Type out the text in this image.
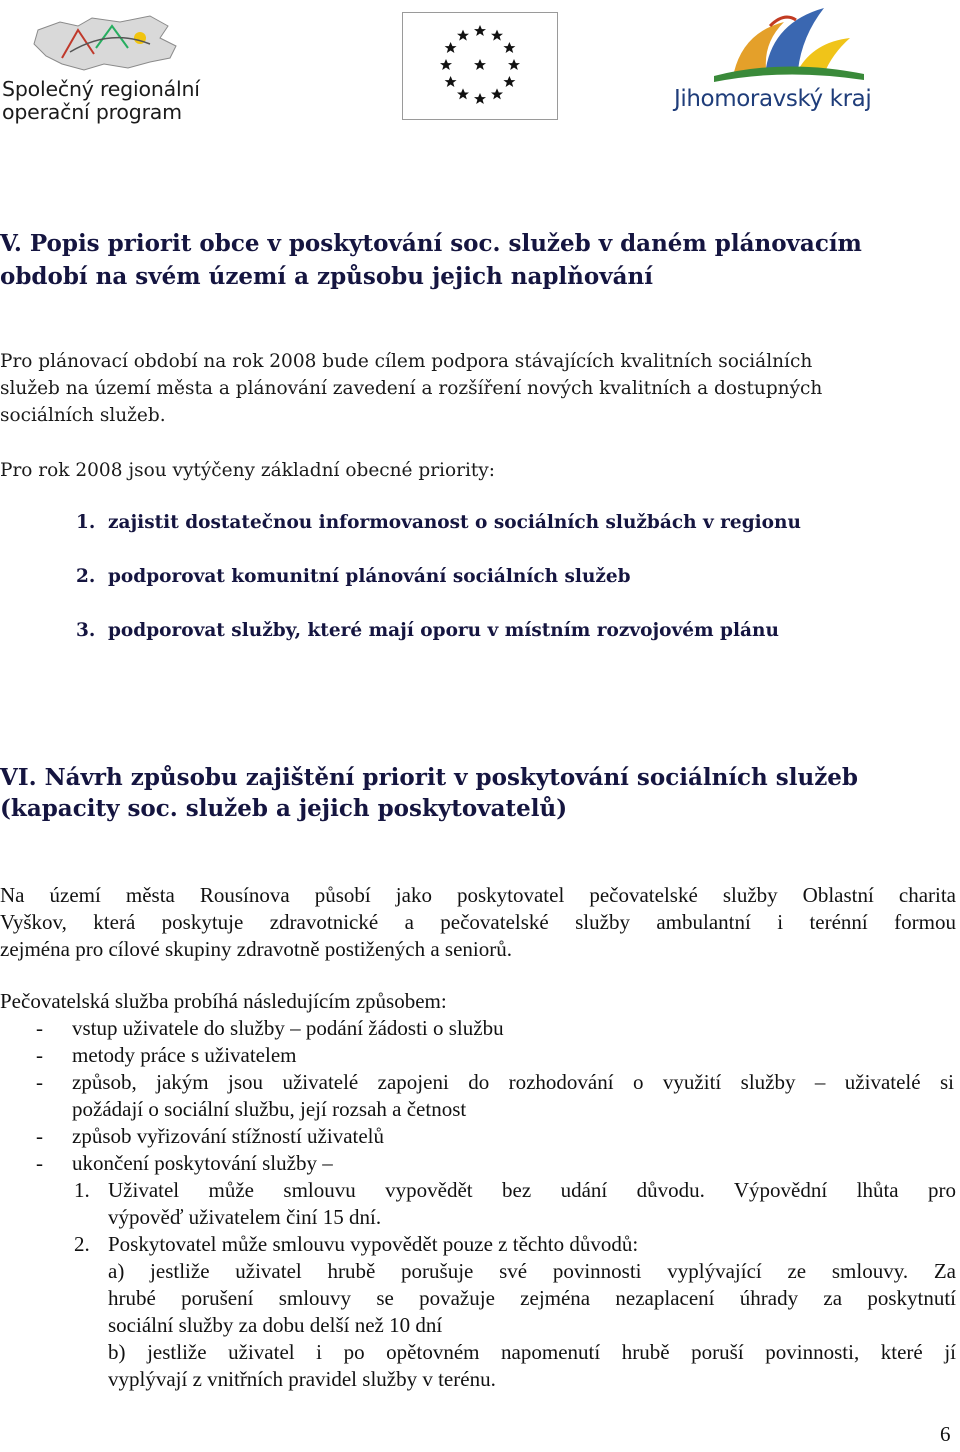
Společný regionální
operační program	Jihomoravský kraj
V. Popis priorit obce v poskytování soc. služeb v daném plánovacím
období na svém území a způsobu jejich naplňování
Pro plánovací období na rok 2008 bude cílem podpora stávajících kvalitních sociálních
služeb na území města a plánování zavedení a rozšíření nových kvalitních a dostupných
sociálních služeb.
Pro rok 2008 jsou vytýčeny základní obecné priority:
1. zajistit dostatečnou informovanost o sociálních službách v regionu
2. podporovat komunitní plánování sociálních služeb
3. podporovat služby, které mají oporu v místním rozvojovém plánu
VI. Návrh způsobu zajištění priorit v poskytování sociálních služeb
(kapacity soc. služeb a jejich poskytovatelů)
Na území města Rousínova působí jako poskytovatel pečovatelské služby Oblastní charita
Vyškov, která poskytuje zdravotnické a pečovatelské služby ambulantní i terénní formou
zejména pro cílové skupiny zdravotně postižených a seniorů.
Pečovatelská služba probíhá následujícím způsobem:
- vstup uživatele do služby – podání žádosti o službu
- metody práce s uživatelem
- způsob, jakým jsou uživatelé zapojeni do rozhodování o využití služby – uživatelé si
požádají o sociální službu, její rozsah a četnost
- způsob vyřizování stížností uživatelů
- ukončení poskytování služby –
1. Uživatel může smlouvu vypovědět bez udání důvodu. Výpovědní lhůta pro
výpověď uživatelem činí 15 dní.
2. Poskytovatel může smlouvu vypovědět pouze z těchto důvodů:
a) jestliže uživatel hrubě porušuje své povinnosti vyplývající ze smlouvy. Za
hrubé porušení smlouvy se považuje zejména nezaplacení úhrady za poskytnutí
sociální služby za dobu delší než 10 dní
b) jestliže uživatel i po opětovném napomenutí hrubě poruší povinnosti, které jí
vyplývají z vnitřních pravidel služby v terénu.
6
